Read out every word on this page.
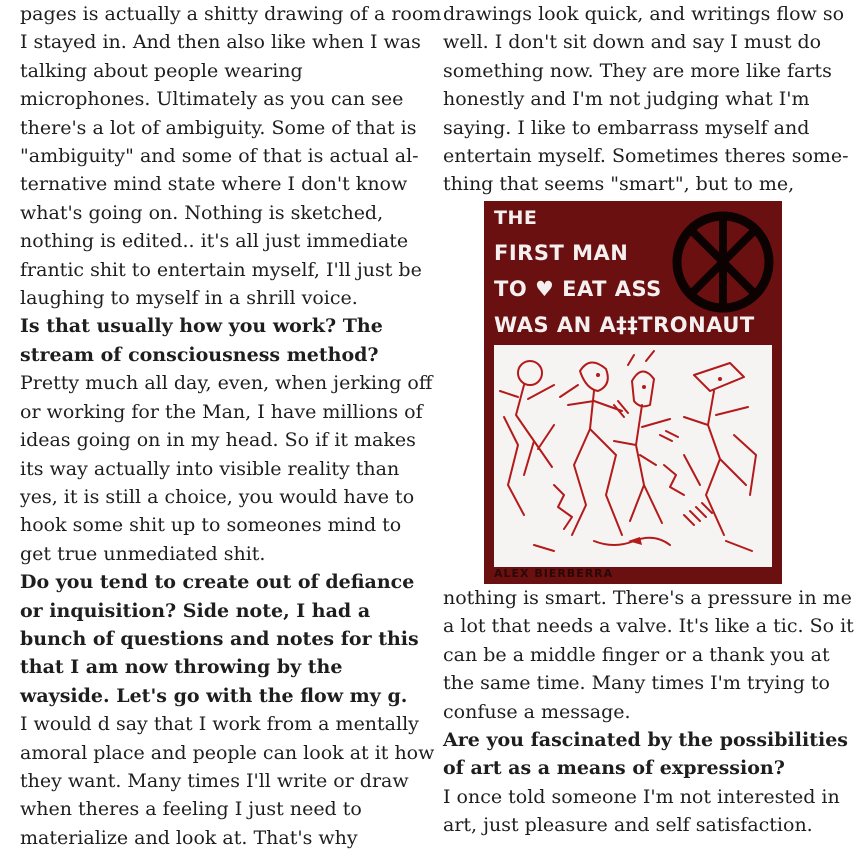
pages is actually a shitty drawing of a room
I stayed in. And then also like when I was
talking about people wearing
microphones. Ultimately as you can see
there's a lot of ambiguity. Some of that is
"ambiguity" and some of that is actual al-
ternative mind state where I don't know
what's going on. Nothing is sketched,
nothing is edited.. it's all just immediate
frantic shit to entertain myself, I'll just be
laughing to myself in a shrill voice.
Is that usually how you work? The
stream of consciousness method?
Pretty much all day, even, when jerking off
or working for the Man, I have millions of
ideas going on in my head. So if it makes
its way actually into visible reality than
yes, it is still a choice, you would have to
hook some shit up to someones mind to
get true unmediated shit.
Do you tend to create out of defiance
or inquisition? Side note, I had a
bunch of questions and notes for this
that I am now throwing by the
wayside. Let's go with the flow my g.
I would d say that I work from a mentally
amoral place and people can look at it how
they want. Many times I'll write or draw
when theres a feeling I just need to
materialize and look at. That's why
drawings look quick, and writings flow so
well. I don't sit down and say I must do
something now. They are more like farts
honestly and I'm not judging what I'm
saying. I like to embarrass myself and
entertain myself. Sometimes theres some-
thing that seems "smart", but to me,
THE
FIRST MAN
TO ♥ EAT ASS
WAS AN A‡‡TRONAUT
ALEX BIERBERRA
nothing is smart. There's a pressure in me
a lot that needs a valve. It's like a tic. So it
can be a middle finger or a thank you at
the same time. Many times I'm trying to
confuse a message.
Are you fascinated by the possibilities
of art as a means of expression?
I once told someone I'm not interested in
art, just pleasure and self satisfaction.
